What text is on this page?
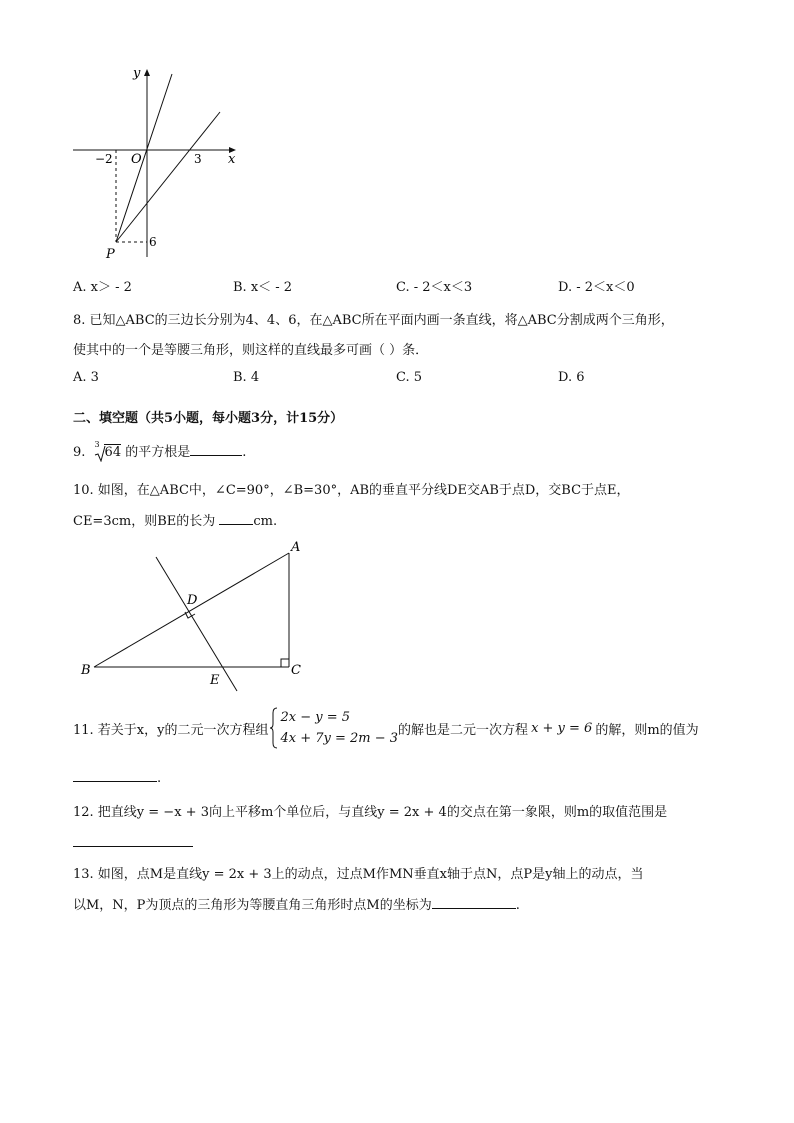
y
x
O
−2	3
P
6
A. x＞ - 2	B. x＜ - 2	C. - 2＜x＜3	D. - 2＜x＜0
8. 已知△ABC的三边长分别为4、4、6，在△ABC所在平面内画一条直线，将△ABC分割成两个三角形，
使其中的一个是等腰三角形，则这样的直线最多可画（ ）条．
A. 3	B. 4	C. 5	D. 6
二、填空题（共5小题，每小题3分，计15分）
9.
3
64 的平方根是	.
10. 如图，在△ABC中，∠C=90°，∠B=30°，AB的垂直平分线DE交AB于点D，交BC于点E，
CE=3cm，则BE的长为	cm.
A
B	C
D
E
11. 若关于x，y的二元一次方程组
2x − y = 5
4x + 7y = 2m − 3
的解也是二元一次方程 x + y = 6 的解，则m的值为
.
12. 把直线y = −x + 3向上平移m个单位后，与直线y = 2x + 4的交点在第一象限，则m的取值范围是
13. 如图，点M是直线y = 2x + 3上的动点，过点M作MN垂直x轴于点N，点P是y轴上的动点，当
以M，N，P为顶点的三角形为等腰直角三角形时点M的坐标为	.
